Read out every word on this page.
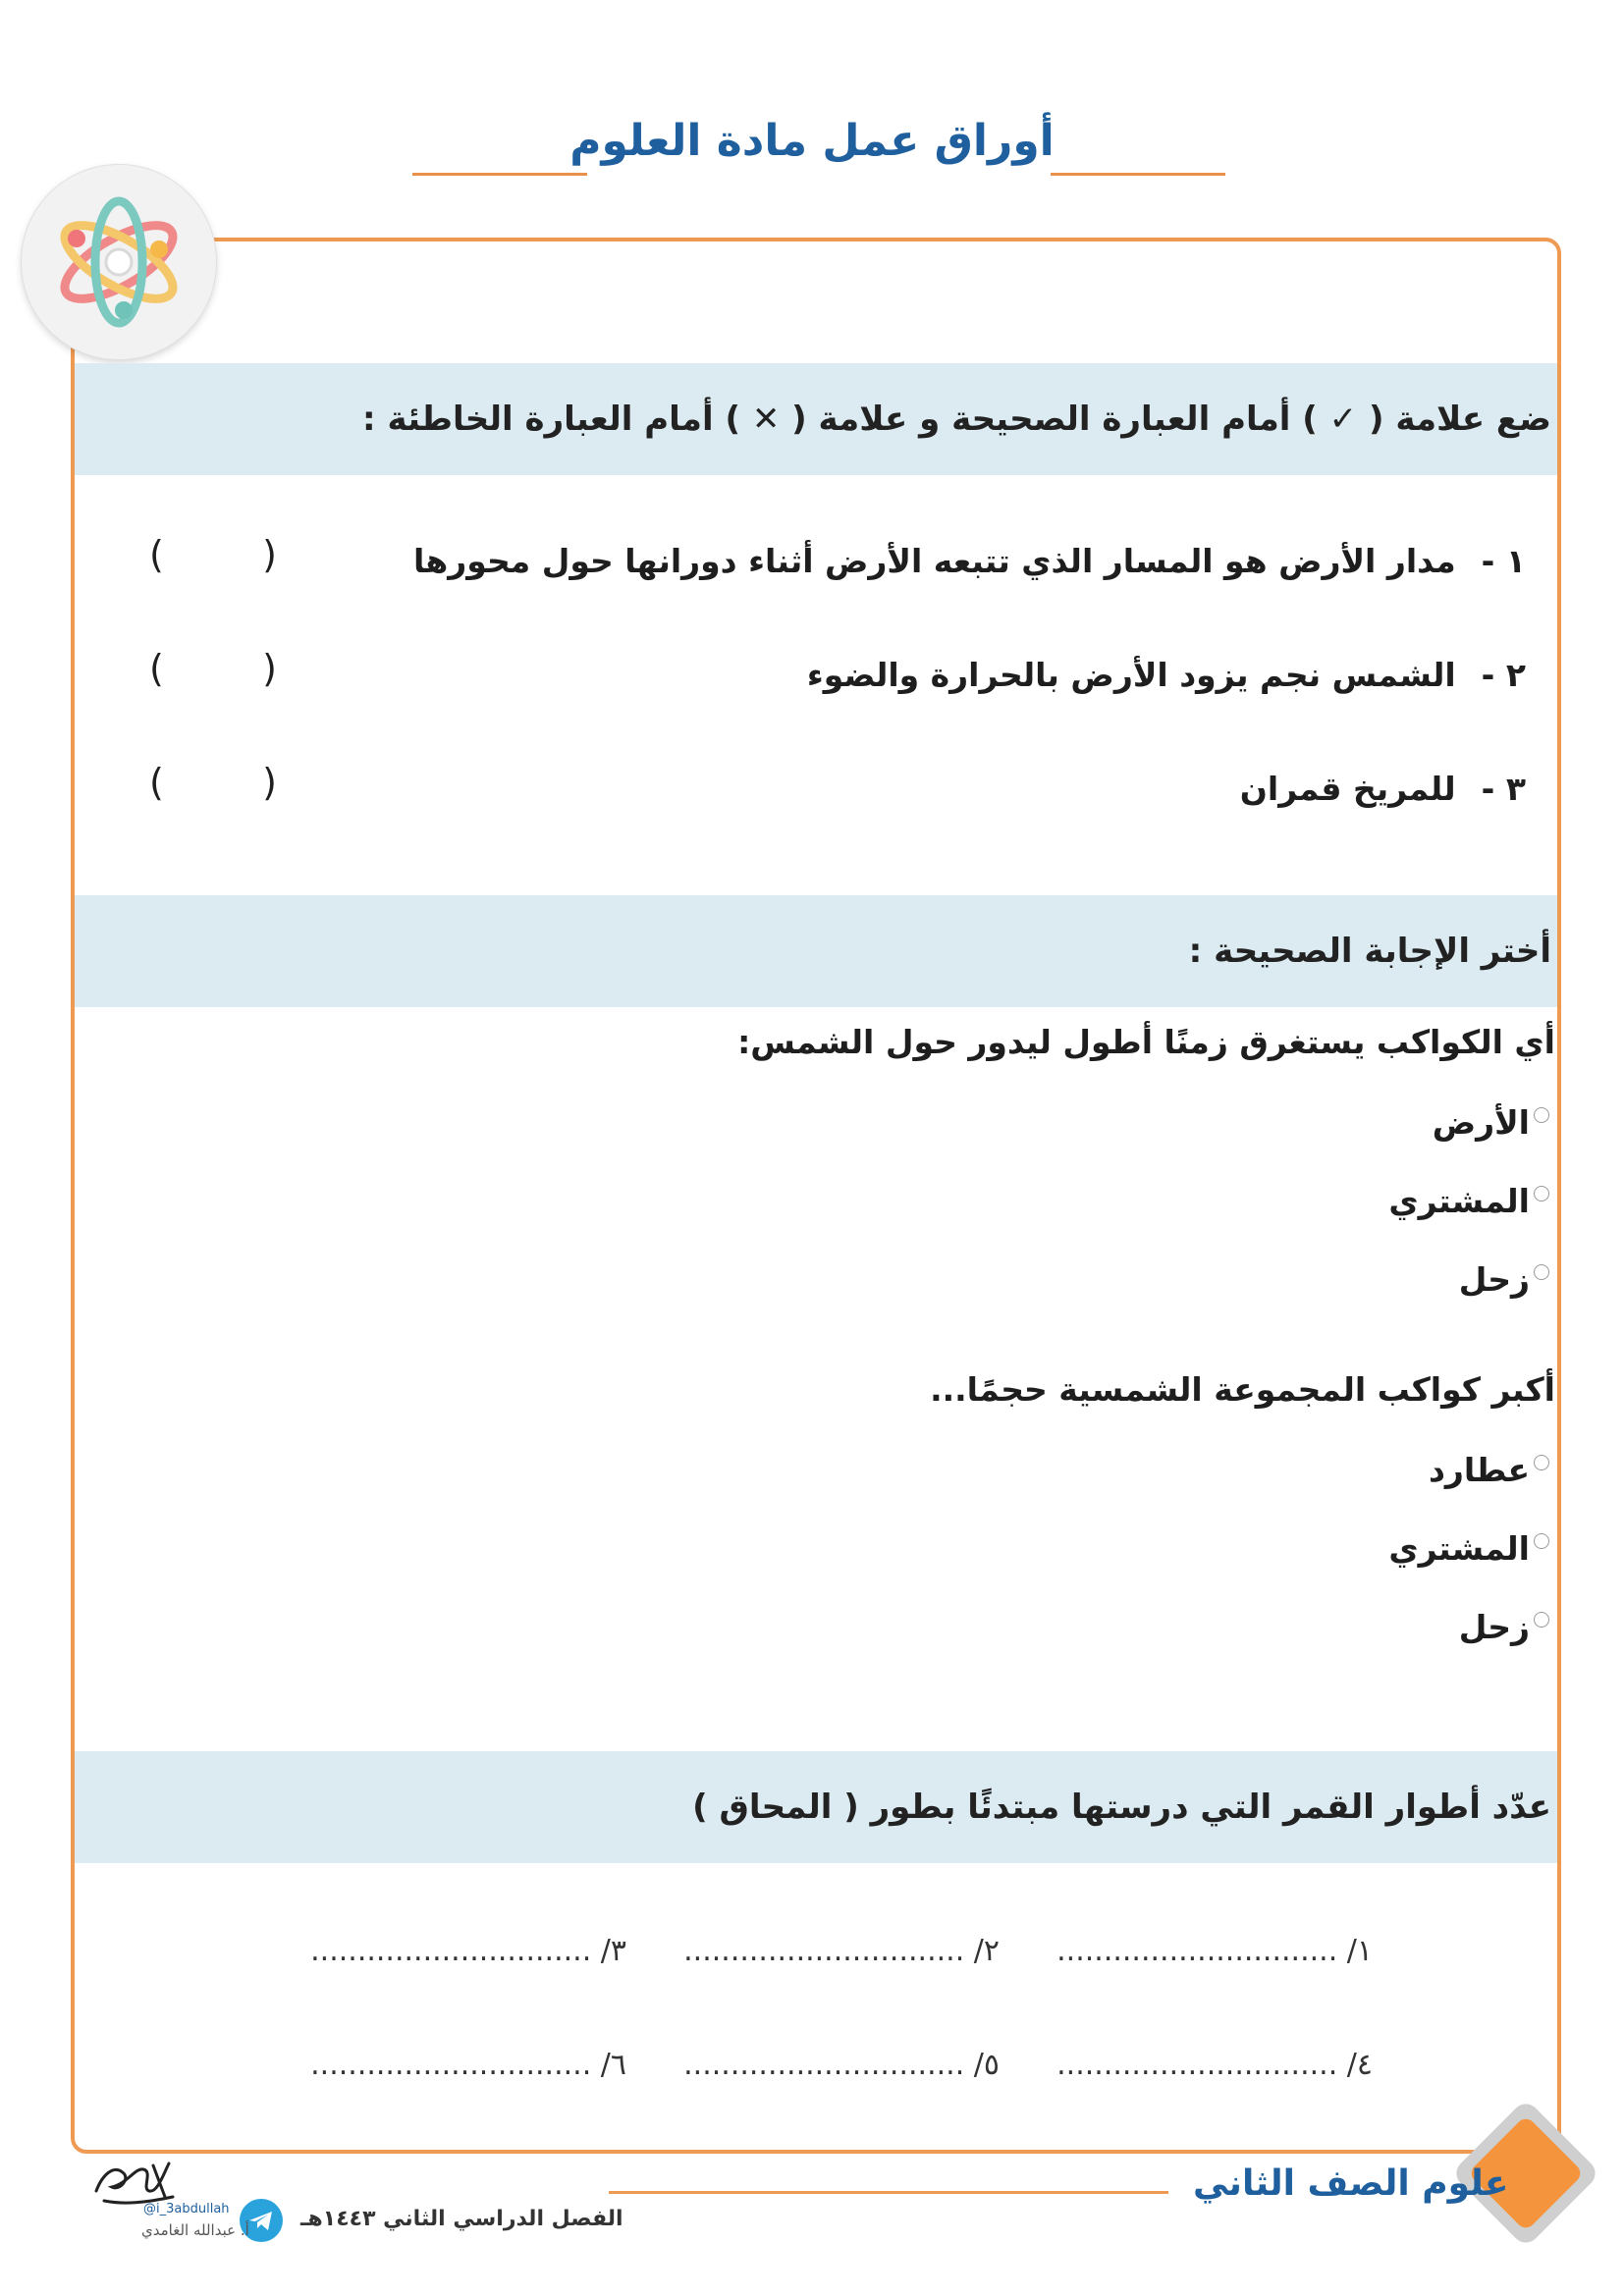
أوراق عمل مادة العلوم
ضع علامة ( ✓ ) أمام العبارة الصحيحة و علامة ( ✕ ) أمام العبارة الخاطئة :
١ -مدار الأرض هو المسار الذي تتبعه الأرض أثناء دورانها حول محورها
(	)
٢ -الشمس نجم يزود الأرض بالحرارة والضوء
(	)
٣ -للمريخ قمران
(	)
أختر الإجابة الصحيحة :
أي الكواكب يستغرق زمنًا أطول ليدور حول الشمس:
الأرض
المشتري
زحل
أكبر كواكب المجموعة الشمسية حجمًا...
عطارد
المشتري
زحل
عدّد أطوار القمر التي درستها مبتدئًا بطور ( المحاق )
١/ ..............................
٢/ ..............................
٣/ ..............................
٤/ ..............................
٥/ ..............................
٦/ ..............................
علوم الصف الثاني
الفصل الدراسي الثاني ١٤٤٣هـ
@i_3abdullah
أ. عبدالله الغامدي
